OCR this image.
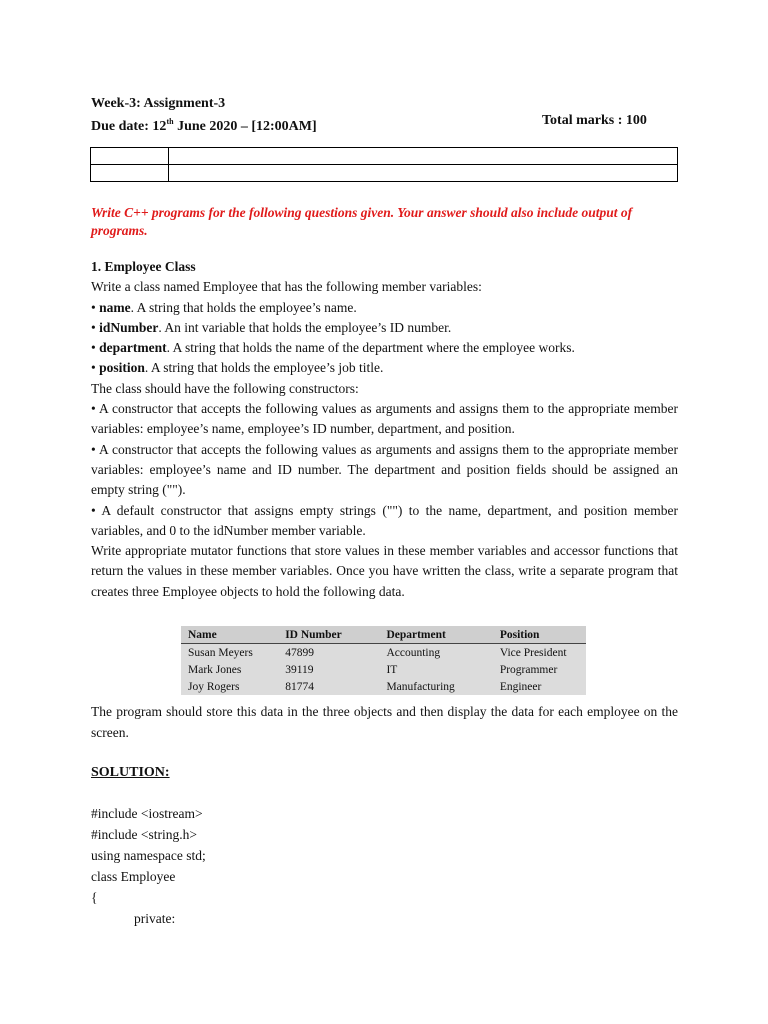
Week-3: Assignment-3
Due date: 12th June 2020 – [12:00AM]	Total marks : 100

Write C++ programs for the following questions given. Your answer should also include output of programs.

1. Employee Class

Write a class named Employee that has the following member variables:

• name. A string that holds the employee’s name.

• idNumber. An int variable that holds the employee’s ID number.

• department. A string that holds the name of the department where the employee works.

• position. A string that holds the employee’s job title.

The class should have the following constructors:

• A constructor that accepts the following values as arguments and assigns them to the appropriate member variables: employee’s name, employee’s ID number, department, and position.

• A constructor that accepts the following values as arguments and assigns them to the appropriate member variables: employee’s name and ID number. The department and position fields should be assigned an empty string ("").

• A default constructor that assigns empty strings ("") to the name, department, and position member variables, and 0 to the idNumber member variable.

Write appropriate mutator functions that store values in these member variables and accessor functions that return the values in these member variables. Once you have written the class, write a separate program that creates three Employee objects to hold the following data.

Name	ID Number	Department	Position
Susan Meyers	47899	Accounting	Vice President
Mark Jones	39119	IT	Programmer
Joy Rogers	81774	Manufacturing	Engineer
The program should store this data in the three objects and then display the data for each employee on the screen.
SOLUTION:
#include <iostream>
#include <string.h>
using namespace std;
class Employee
{
private:
